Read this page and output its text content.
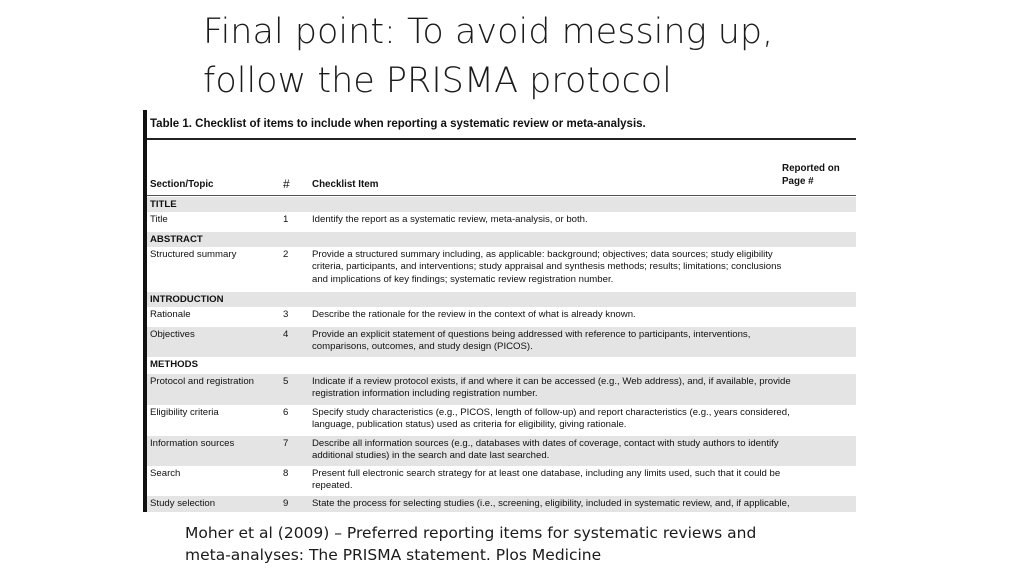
Final point: To avoid messing up,
follow the PRISMA protocol
Table 1. Checklist of items to include when reporting a systematic review or meta-analysis.
Section/Topic	# Checklist Item
Reported on
Page #
TITLE
Title	1 Identify the report as a systematic review, meta-analysis, or both.
ABSTRACT
Structured summary	2 Provide a structured summary including, as applicable: background; objectives; data sources; study eligibility criteria, participants, and interventions; study appraisal and synthesis methods; results; limitations; conclusions and implications of key findings; systematic review registration number.
INTRODUCTION
Rationale	3 Describe the rationale for the review in the context of what is already known.
Objectives	4 Provide an explicit statement of questions being addressed with reference to participants, interventions, comparisons, outcomes, and study design (PICOS).
METHODS
Protocol and registration	5 Indicate if a review protocol exists, if and where it can be accessed (e.g., Web address), and, if available, provide registration information including registration number.
Eligibility criteria	6 Specify study characteristics (e.g., PICOS, length of follow-up) and report characteristics (e.g., years considered, language, publication status) used as criteria for eligibility, giving rationale.
Information sources	7 Describe all information sources (e.g., databases with dates of coverage, contact with study authors to identify additional studies) in the search and date last searched.
Search	8 Present full electronic search strategy for at least one database, including any limits used, such that it could be repeated.
Study selection	9 State the process for selecting studies (i.e., screening, eligibility, included in systematic review, and, if applicable,
Moher et al (2009) – Preferred reporting items for systematic reviews and
meta-analyses: The PRISMA statement. Plos Medicine
